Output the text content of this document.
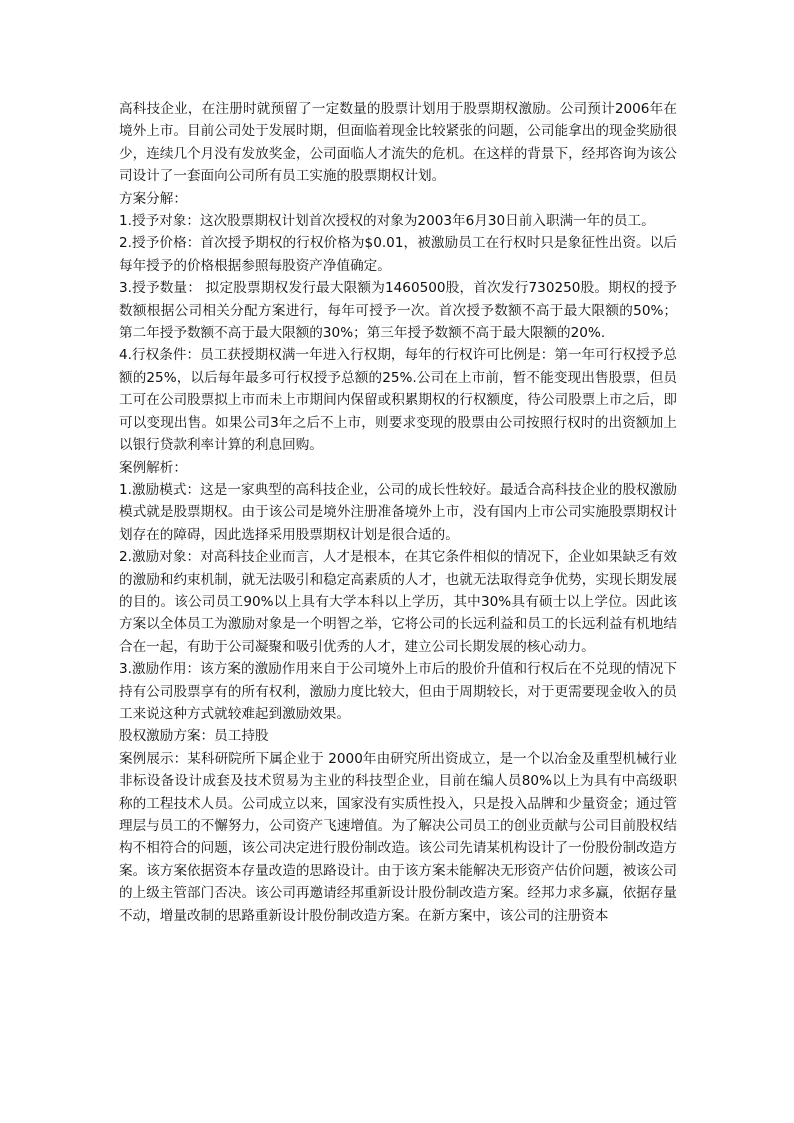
高科技企业，在注册时就预留了一定数量的股票计划用于股票期权激励。公司预计2006年在境外上市。目前公司处于发展时期，但面临着现金比较紧张的问题，公司能拿出的现金奖励很少，连续几个月没有发放奖金，公司面临人才流失的危机。在这样的背景下，经邦咨询为该公司设计了一套面向公司所有员工实施的股票期权计划。

方案分解：

1.授予对象：这次股票期权计划首次授权的对象为2003年6月30日前入职满一年的员工。

2.授予价格：首次授予期权的行权价格为$0.01，被激励员工在行权时只是象征性出资。以后每年授予的价格根据参照每股资产净值确定。

3.授予数量： 拟定股票期权发行最大限额为1460500股，首次发行730250股。期权的授予数额根据公司相关分配方案进行，每年可授予一次。首次授予数额不高于最大限额的50%；第二年授予数额不高于最大限额的30%；第三年授予数额不高于最大限额的20%.

4.行权条件：员工获授期权满一年进入行权期，每年的行权许可比例是：第一年可行权授予总额的25%，以后每年最多可行权授予总额的25%.公司在上市前，暂不能变现出售股票，但员工可在公司股票拟上市而未上市期间内保留或积累期权的行权额度，待公司股票上市之后，即可以变现出售。如果公司3年之后不上市，则要求变现的股票由公司按照行权时的出资额加上以银行贷款利率计算的利息回购。

案例解析：

1.激励模式：这是一家典型的高科技企业，公司的成长性较好。最适合高科技企业的股权激励模式就是股票期权。由于该公司是境外注册准备境外上市，没有国内上市公司实施股票期权计划存在的障碍，因此选择采用股票期权计划是很合适的。

2.激励对象：对高科技企业而言，人才是根本，在其它条件相似的情况下，企业如果缺乏有效的激励和约束机制，就无法吸引和稳定高素质的人才，也就无法取得竞争优势，实现长期发展的目的。该公司员工90%以上具有大学本科以上学历，其中30%具有硕士以上学位。因此该方案以全体员工为激励对象是一个明智之举，它将公司的长远利益和员工的长远利益有机地结合在一起，有助于公司凝聚和吸引优秀的人才，建立公司长期发展的核心动力。

3.激励作用：该方案的激励作用来自于公司境外上市后的股价升值和行权后在不兑现的情况下持有公司股票享有的所有权利，激励力度比较大，但由于周期较长，对于更需要现金收入的员工来说这种方式就较难起到激励效果。

股权激励方案：员工持股

案例展示：某科研院所下属企业于 2000年由研究所出资成立，是一个以冶金及重型机械行业非标设备设计成套及技术贸易为主业的科技型企业，目前在编人员80%以上为具有中高级职称的工程技术人员。公司成立以来，国家没有实质性投入，只是投入品牌和少量资金；通过管理层与员工的不懈努力，公司资产飞速增值。为了解决公司员工的创业贡献与公司目前股权结构不相符合的问题，该公司决定进行股份制改造。该公司先请某机构设计了一份股份制改造方案。该方案依据资本存量改造的思路设计。由于该方案未能解决无形资产估价问题，被该公司的上级主管部门否决。该公司再邀请经邦重新设计股份制改造方案。经邦力求多赢，依据存量不动，增量改制的思路重新设计股份制改造方案。在新方案中，该公司的注册资本
